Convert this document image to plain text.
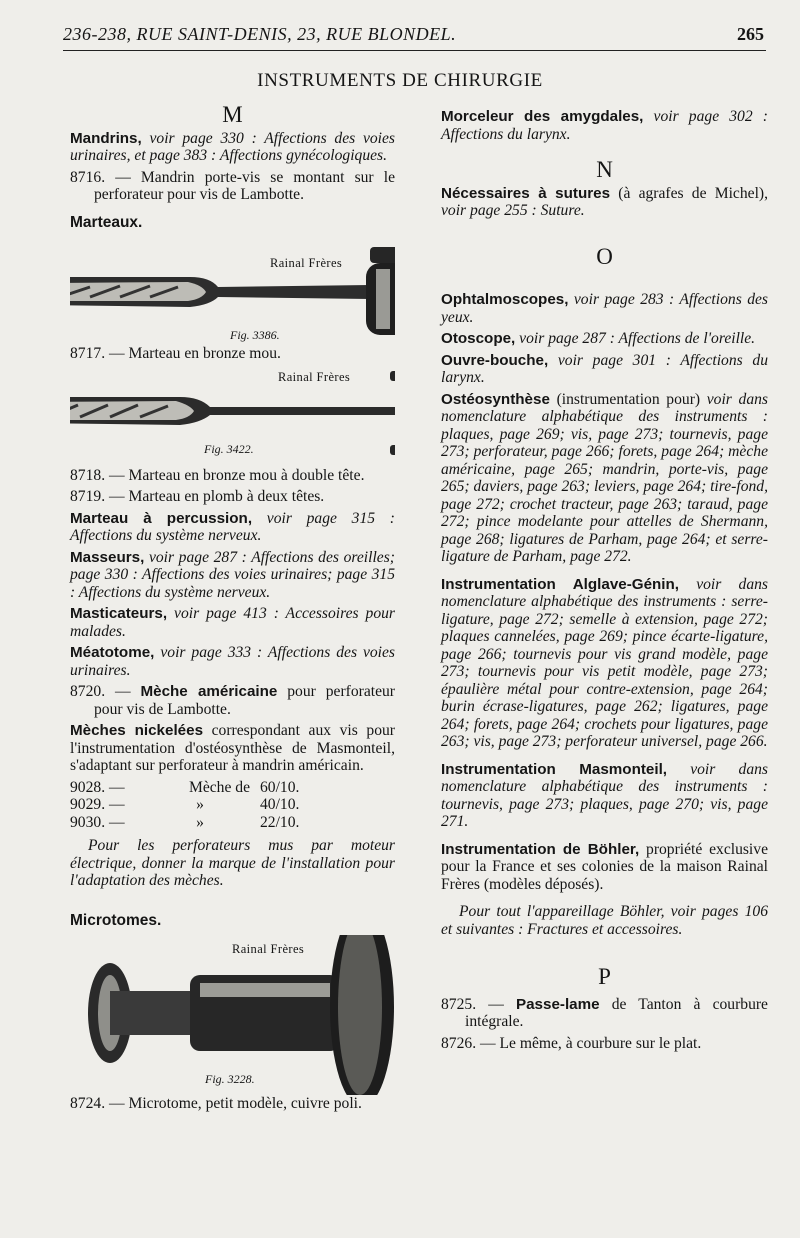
236-238, RUE SAINT-DENIS, 23, RUE BLONDEL.	265
INSTRUMENTS DE CHIRURGIE
M

Mandrins, voir page 330 : Affections des voies urinaires, et page 383 : Affections gynécologiques.

8716. — Mandrin porte-vis se montant sur le perforateur pour vis de Lambotte.

Marteaux.
Rainal Frères
Fig. 3386.

8717. — Marteau en bronze mou.

Rainal Frères
Fig. 3422.

8718. — Marteau en bronze mou à double tête.

8719. — Marteau en plomb à deux têtes.

Marteau à percussion, voir page 315 : Affections du système nerveux.

Masseurs, voir page 287 : Affections des oreilles; page 330 : Affections des voies urinaires; page 315 : Affections du système nerveux.

Masticateurs, voir page 413 : Accessoires pour malades.

Méatotome, voir page 333 : Affections des voies urinaires.

8720. — Mèche américaine pour perforateur pour vis de Lambotte.

Mèches nickelées correspondant aux vis pour l'instrumentation d'ostéosynthèse de Masmonteil, s'adaptant sur perforateur à mandrin américain.

9028. —	Mèche de	60/10.
9029. —	»	40/10.
9030. —	»	22/10.

Pour les perforateurs mus par moteur électrique, donner la marque de l'installation pour l'adaptation des mèches.

Microtomes.
Rainal Frères
Fig. 3228.

8724. — Microtome, petit modèle, cuivre poli.

Morceleur des amygdales, voir page 302 : Affections du larynx.

N

Nécessaires à sutures (à agrafes de Michel), voir page 255 : Suture.

O

Ophtalmoscopes, voir page 283 : Affections des yeux.

Otoscope, voir page 287 : Affections de l'oreille.

Ouvre-bouche, voir page 301 : Affections du larynx.

Ostéosynthèse (instrumentation pour) voir dans nomenclature alphabétique des instruments : plaques, page 269; vis, page 273; tournevis, page 273; perforateur, page 266; forets, page 264; mèche américaine, page 265; mandrin, porte-vis, page 265; daviers, page 263; leviers, page 264; tire-fond, page 272; crochet tracteur, page 263; taraud, page 272; pince modelante pour attelles de Shermann, page 268; ligatures de Parham, page 264; et serre-ligature de Parham, page 272.

Instrumentation Alglave-Génin, voir dans nomenclature alphabétique des instruments : serre-ligature, page 272; semelle à extension, page 272; plaques cannelées, page 269; pince écarte-ligature, page 266; tournevis pour vis grand modèle, page 273; tournevis pour vis petit modèle, page 273; épaulière métal pour contre-extension, page 264; burin écrase-ligatures, page 262; ligatures, page 264; forets, page 264; crochets pour ligatures, page 263; vis, page 273; perforateur universel, page 266.

Instrumentation Masmonteil, voir dans nomenclature alphabétique des instruments : tournevis, page 273; plaques, page 270; vis, page 271.

Instrumentation de Böhler, propriété exclusive pour la France et ses colonies de la maison Rainal Frères (modèles déposés).

Pour tout l'appareillage Böhler, voir pages 106 et suivantes : Fractures et accessoires.

P

8725. — Passe-lame de Tanton à courbure intégrale.

8726. — Le même, à courbure sur le plat.
